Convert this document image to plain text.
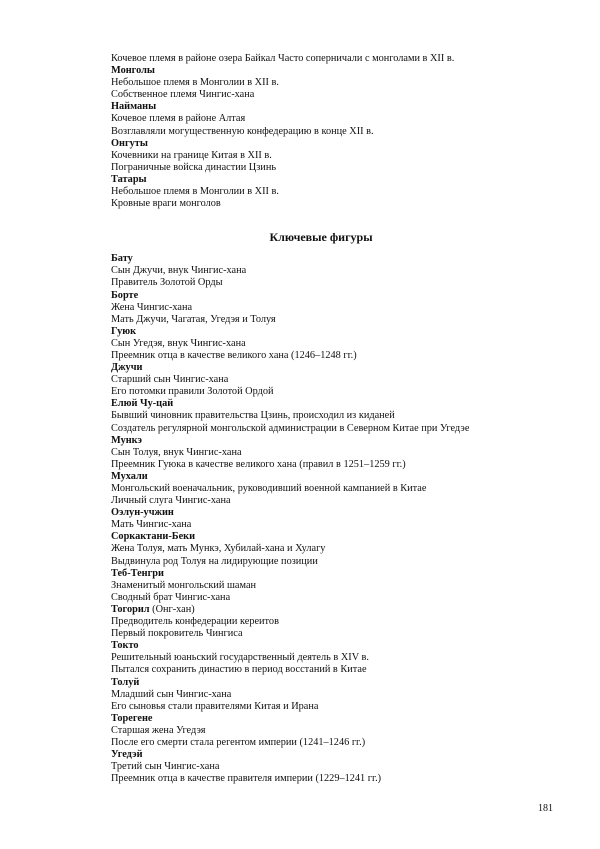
Кочевое племя в районе озера Байкал Часто соперничали с монголами в XII в.
Монголы
Небольшое племя в Монголии в XII в.
Собственное племя Чингис-хана
Найманы
Кочевое племя в районе Алтая
Возглавляли могущественную конфедерацию в конце XII в.
Онгуты
Кочевники на границе Китая в XII в.
Пограничные войска династии Цзинь
Татары
Небольшое племя в Монголии в XII в.
Кровные враги монголов
Ключевые фигуры
Бату
Сын Джучи, внук Чингис-хана
Правитель Золотой Орды
Борте
Жена Чингис-хана
Мать Джучи, Чагатая, Угедэя и Толуя
Гуюк
Сын Угедэя, внук Чингис-хана
Преемник отца в качестве великого хана (1246–1248 гг.)
Джучи
Старший сын Чингис-хана
Его потомки правили Золотой Ордой
Елюй Чу-цай
Бывший чиновник правительства Цзинь, происходил из киданей
Создатель регулярной монгольской администрации в Северном Китае при Угедэе
Мункэ
Сын Толуя, внук Чингис-хана
Преемник Гуюка в качестве великого хана (правил в 1251–1259 гг.)
Мухали
Монгольский военачальник, руководивший военной кампанией в Китае
Личный слуга Чингис-хана
Оэлун-учжин
Мать Чингис-хана
Соркактани-Беки
Жена Толуя, мать Мункэ, Хубилай-хана и Хулагу
Выдвинула род Толуя на лидирующие позиции
Теб-Тенгри
Знаменитый монгольский шаман
Сводный брат Чингис-хана
Тогорил (Онг-хан)
Предводитель конфедерации кереитов
Первый покровитель Чингиса
Токто
Решительный юаньский государственный деятель в XIV в.
Пытался сохранить династию в период восстаний в Китае
Толуй
Младший сын Чингис-хана
Его сыновья стали правителями Китая и Ирана
Торегене
Старшая жена Угедэя
После его смерти стала регентом империи (1241–1246 гг.)
Угедэй
Третий сын Чингис-хана
Преемник отца в качестве правителя империи (1229–1241 гг.)
181
